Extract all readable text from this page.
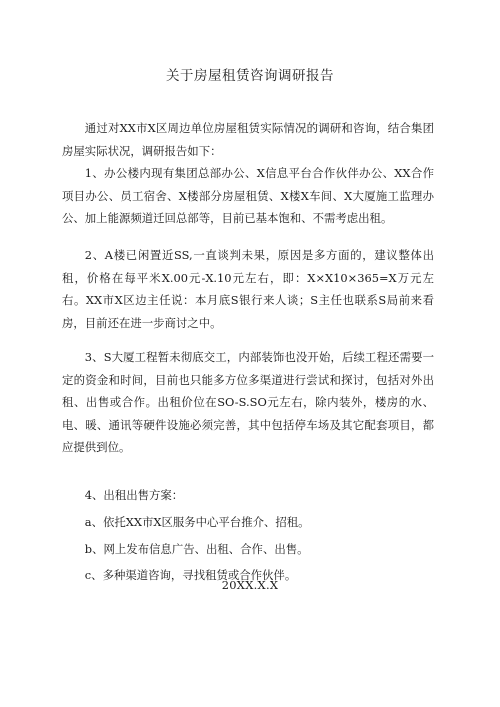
关于房屋租赁咨询调研报告
通过对XX市X区周边单位房屋租赁实际情况的调研和咨询，结合集团房屋实际状况，调研报告如下：
1、办公楼内现有集团总部办公、X信息平台合作伙伴办公、XX合作项目办公、员工宿舍、X楼部分房屋租赁、X楼X车间、X大厦施工监理办公、加上能源频道迁回总部等，目前已基本饱和、不需考虑出租。
2、A楼已闲置近SS,一直谈判未果，原因是多方面的，建议整体出租，价格在每平米X.00元-X.10元左右，即：X×X10×365=X万元左右。XX市X区边主任说：本月底S银行来人谈；S主任也联系S局前来看房，目前还在进一步商讨之中。
3、S大厦工程暂未彻底交工，内部装饰也没开始，后续工程还需要一定的资金和时间，目前也只能多方位多渠道进行尝试和探讨，包括对外出租、出售或合作。出租价位在SO-S.SO元左右，除内装外，楼房的水、电、暖、通讯等硬件设施必须完善，其中包括停车场及其它配套项目，都应提供到位。
4、出租出售方案：
a、依托XX市X区服务中心平台推介、招租。
b、网上发布信息广告、出租、合作、出售。
c、多种渠道咨询，寻找租赁或合作伙伴。
20XX.X.X
